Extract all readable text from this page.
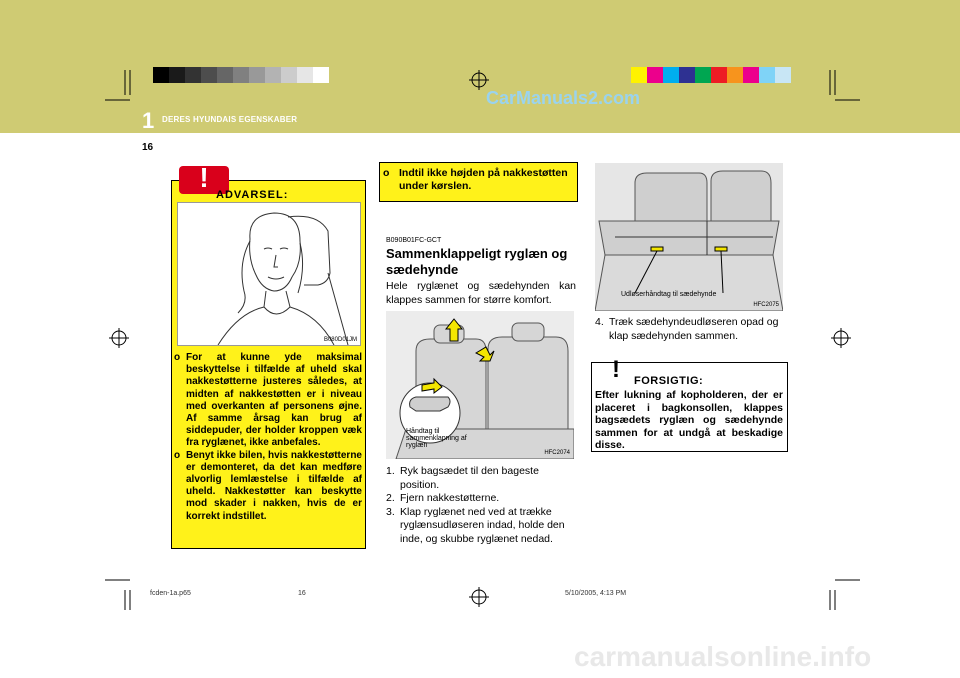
CarManuals2.com
1 DERES HYUNDAIS EGENSKABER
16
!
ADVARSEL:
B080D01JM
o For at kunne yde maksimal beskyttelse i tilfælde af uheld skal nakkestøtterne justeres således, at midten af nakkestøtten er i niveau med overkanten af personens øjne. Af samme årsag kan brug af siddepuder, der holder kroppen væk fra ryglænet, ikke anbefales.
o Benyt ikke bilen, hvis nakkestøtterne er demonteret, da det kan medføre alvorlig lemlæstelse i tilfælde af uheld. Nakkestøtter kan beskytte mod skader i nakken, hvis de er korrekt indstillet.
o Indtil ikke højden på nakkestøtten under kørslen.
B090B01FC-GCT
Sammenklappeligt ryglæn og sædehynde
Hele ryglænet og sædehynden kan klappes sammen for større komfort.
Håndtag til sammenklapning af ryglæn
HFC2074
1. Ryk bagsædet til den bageste position.
2. Fjern nakkestøtterne.
3. Klap ryglænet ned ved at trække ryglænsudløseren indad, holde den inde, og skubbe ryglænet nedad.
Udløserhåndtag til sædehynde
HFC2075
4. Træk sædehyndeudløseren opad og klap sædehynden sammen.
! FORSIGTIG:
Efter lukning af kopholderen, der er placeret i bagkonsollen, klappes bagsædets ryglæn og sædehynde sammen for at undgå at beskadige disse.
fcden-1a.p65	16	5/10/2005, 4:13 PM
carmanualsonline.info
